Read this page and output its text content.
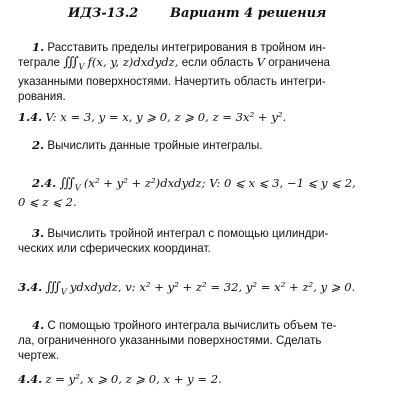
ИДЗ-13.2 Вариант 4 решения
1. Расставить пределы интегрирования в тройном ин-
теграле $∭_V$ f(x, y, z)dxdydz, если область V ограничена
указанными поверхностями. Начертить область интегри-
рования.
1.4. V: x = 3, y = x, y ⩾ 0, z ⩾ 0, z = 3x² + y².
2. Вычислить данные тройные интегралы.
2.4. $∭_V$ (x² + y² + z²)dxdydz; V: 0 ⩽ x ⩽ 3, −1 ⩽ y ⩽ 2,
0 ⩽ z ⩽ 2.
3. Вычислить тройной интеграл с помощью цилиндри-
ческих или сферических координат.
3.4. $∭_V$ ydxdydz, v: x² + y² + z² = 32, y² = x² + z², y ⩾ 0.
4. С помощью тройного интеграла вычислить объем те-
ла, ограниченного указанными поверхностями. Сделать
чертеж.
4.4. z = y², x ⩾ 0, z ⩾ 0, x + y = 2.
